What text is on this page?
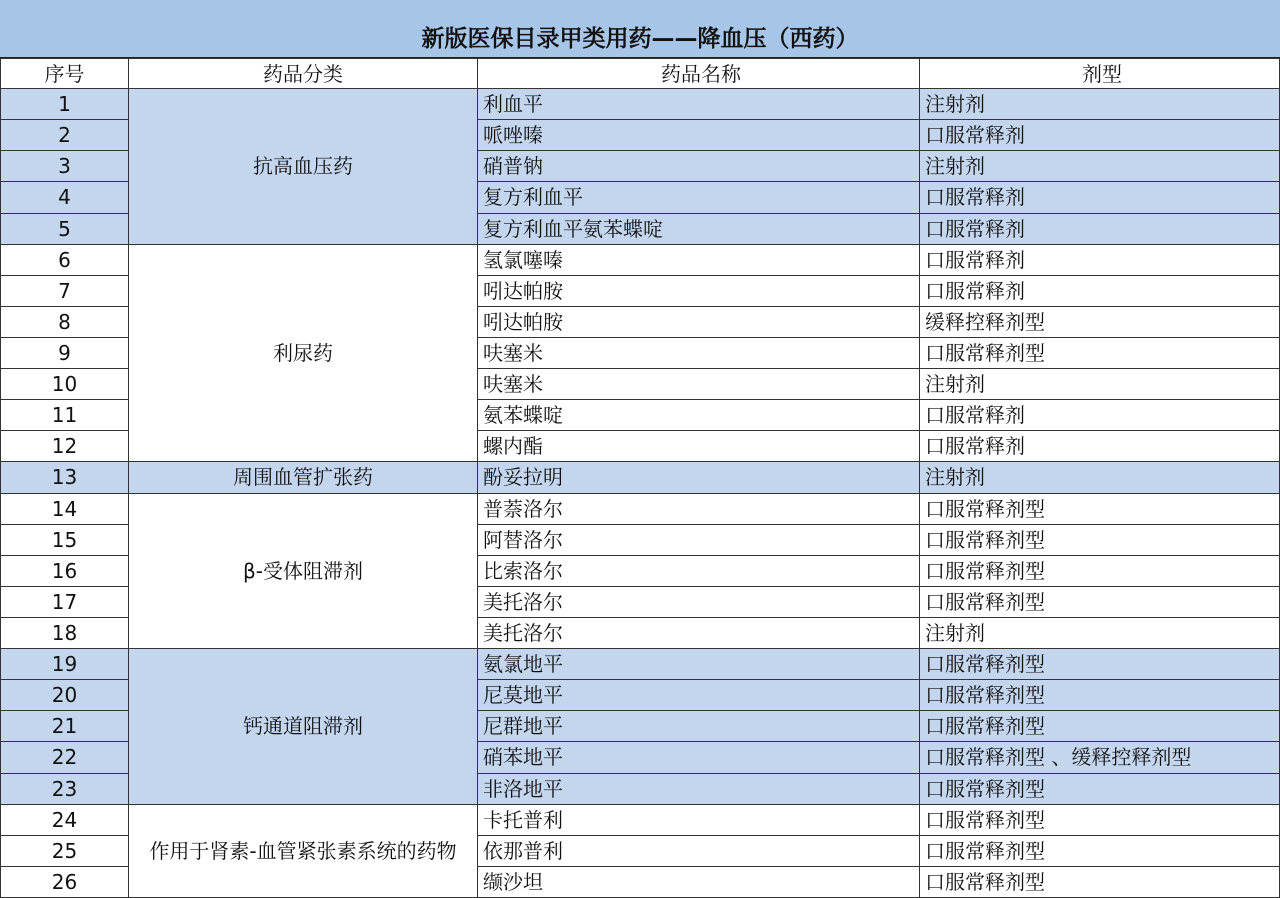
新版医保目录甲类用药——降血压（西药）
序号	药品分类	药品名称	剂型
1	抗高血压药	利血平	注射剂
2		哌唑嗪	口服常释剂
3		硝普钠	注射剂
4		复方利血平	口服常释剂
5		复方利血平氨苯蝶啶	口服常释剂
6	利尿药	氢氯噻嗪	口服常释剂
7		吲达帕胺	口服常释剂
8		吲达帕胺	缓释控释剂型
9		呋塞米	口服常释剂型
10		呋塞米	注射剂
11		氨苯蝶啶	口服常释剂
12		螺内酯	口服常释剂
13	周围血管扩张药	酚妥拉明	注射剂
14	β-受体阻滞剂	普萘洛尔	口服常释剂型
15		阿替洛尔	口服常释剂型
16		比索洛尔	口服常释剂型
17		美托洛尔	口服常释剂型
18		美托洛尔	注射剂
19	钙通道阻滞剂	氨氯地平	口服常释剂型
20		尼莫地平	口服常释剂型
21		尼群地平	口服常释剂型
22		硝苯地平	口服常释剂型 、缓释控释剂型
23		非洛地平	口服常释剂型
24	作用于肾素-血管紧张素系统的药物	卡托普利	口服常释剂型
25		依那普利	口服常释剂型
26		缬沙坦	口服常释剂型
